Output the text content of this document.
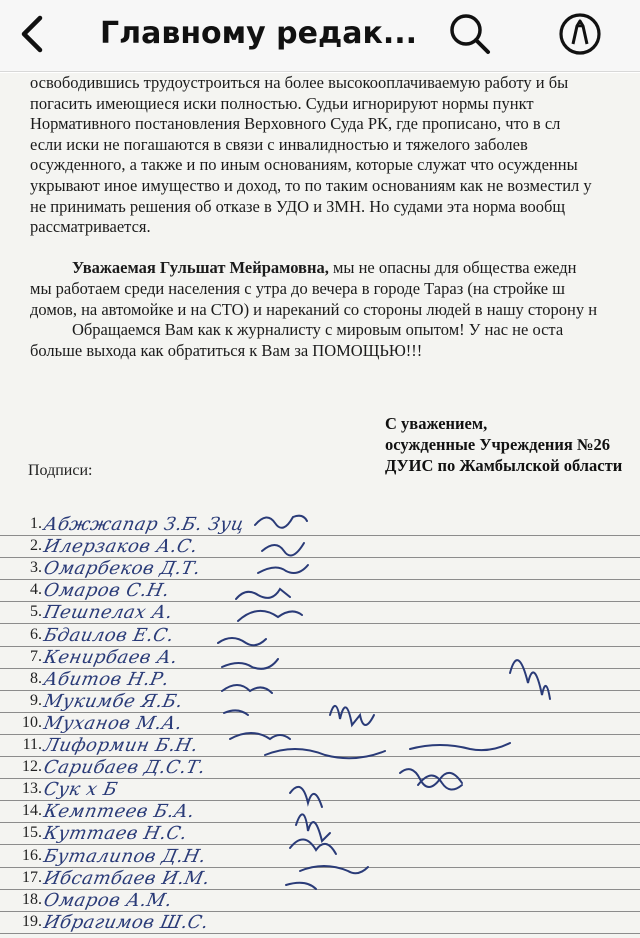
Главному редак...
освободившись трудоустроиться на более высокооплачиваемую работу и бы
погасить имеющиеся иски полностью. Судьи игнорируют нормы пункт
Нормативного постановления Верховного Суда РК, где прописано, что в сл
если иски не погашаются в связи с инвалидностью и тяжелого заболев
осужденного, а также и по иным основаниям, которые служат что осужденны
укрывают иное имущество и доход, то по таким основаниям как не возместил у
не принимать решения об отказе в УДО и ЗМН. Но судами эта норма вообщ
рассматривается.
Уважаемая Гульшат Мейрамовна, мы не опасны для общества ежедн
мы работаем среди населения с утра до вечера в городе Тараз (на стройке ш
домов, на автомойке и на СТО) и нареканий со стороны людей в нашу сторону н
Обращаемся Вам как к журналисту с мировым опытом! У нас не оста
больше выхода как обратиться к Вам за ПОМОЩЬЮ!!!
С уважением,
осужденные Учреждения №26
ДУИС по Жамбылской области
Подписи:
1. Абжжапар З.Б. Зуц
2. Илерзаков А.С.
3. Омарбеков Д.Т.
4. Омаров С.Н.
5. Пешпелах А.
6. Бдаилов Е.С.
7. Кенирбаев А.
8. Абитов Н.Р.
9. Мукимбе Я.Б.
10. Муханов М.А.
11. Лиформин Б.Н.
12. Сарибаев Д.С.Т.
13. Сук х Б
14. Кемптеев Б.А.
15. Куттаев Н.С.
16. Буталипов Д.Н.
17. Ибсатбаев И.М.
18. Омаров А.М.
19. Ибрагимов Ш.С.
